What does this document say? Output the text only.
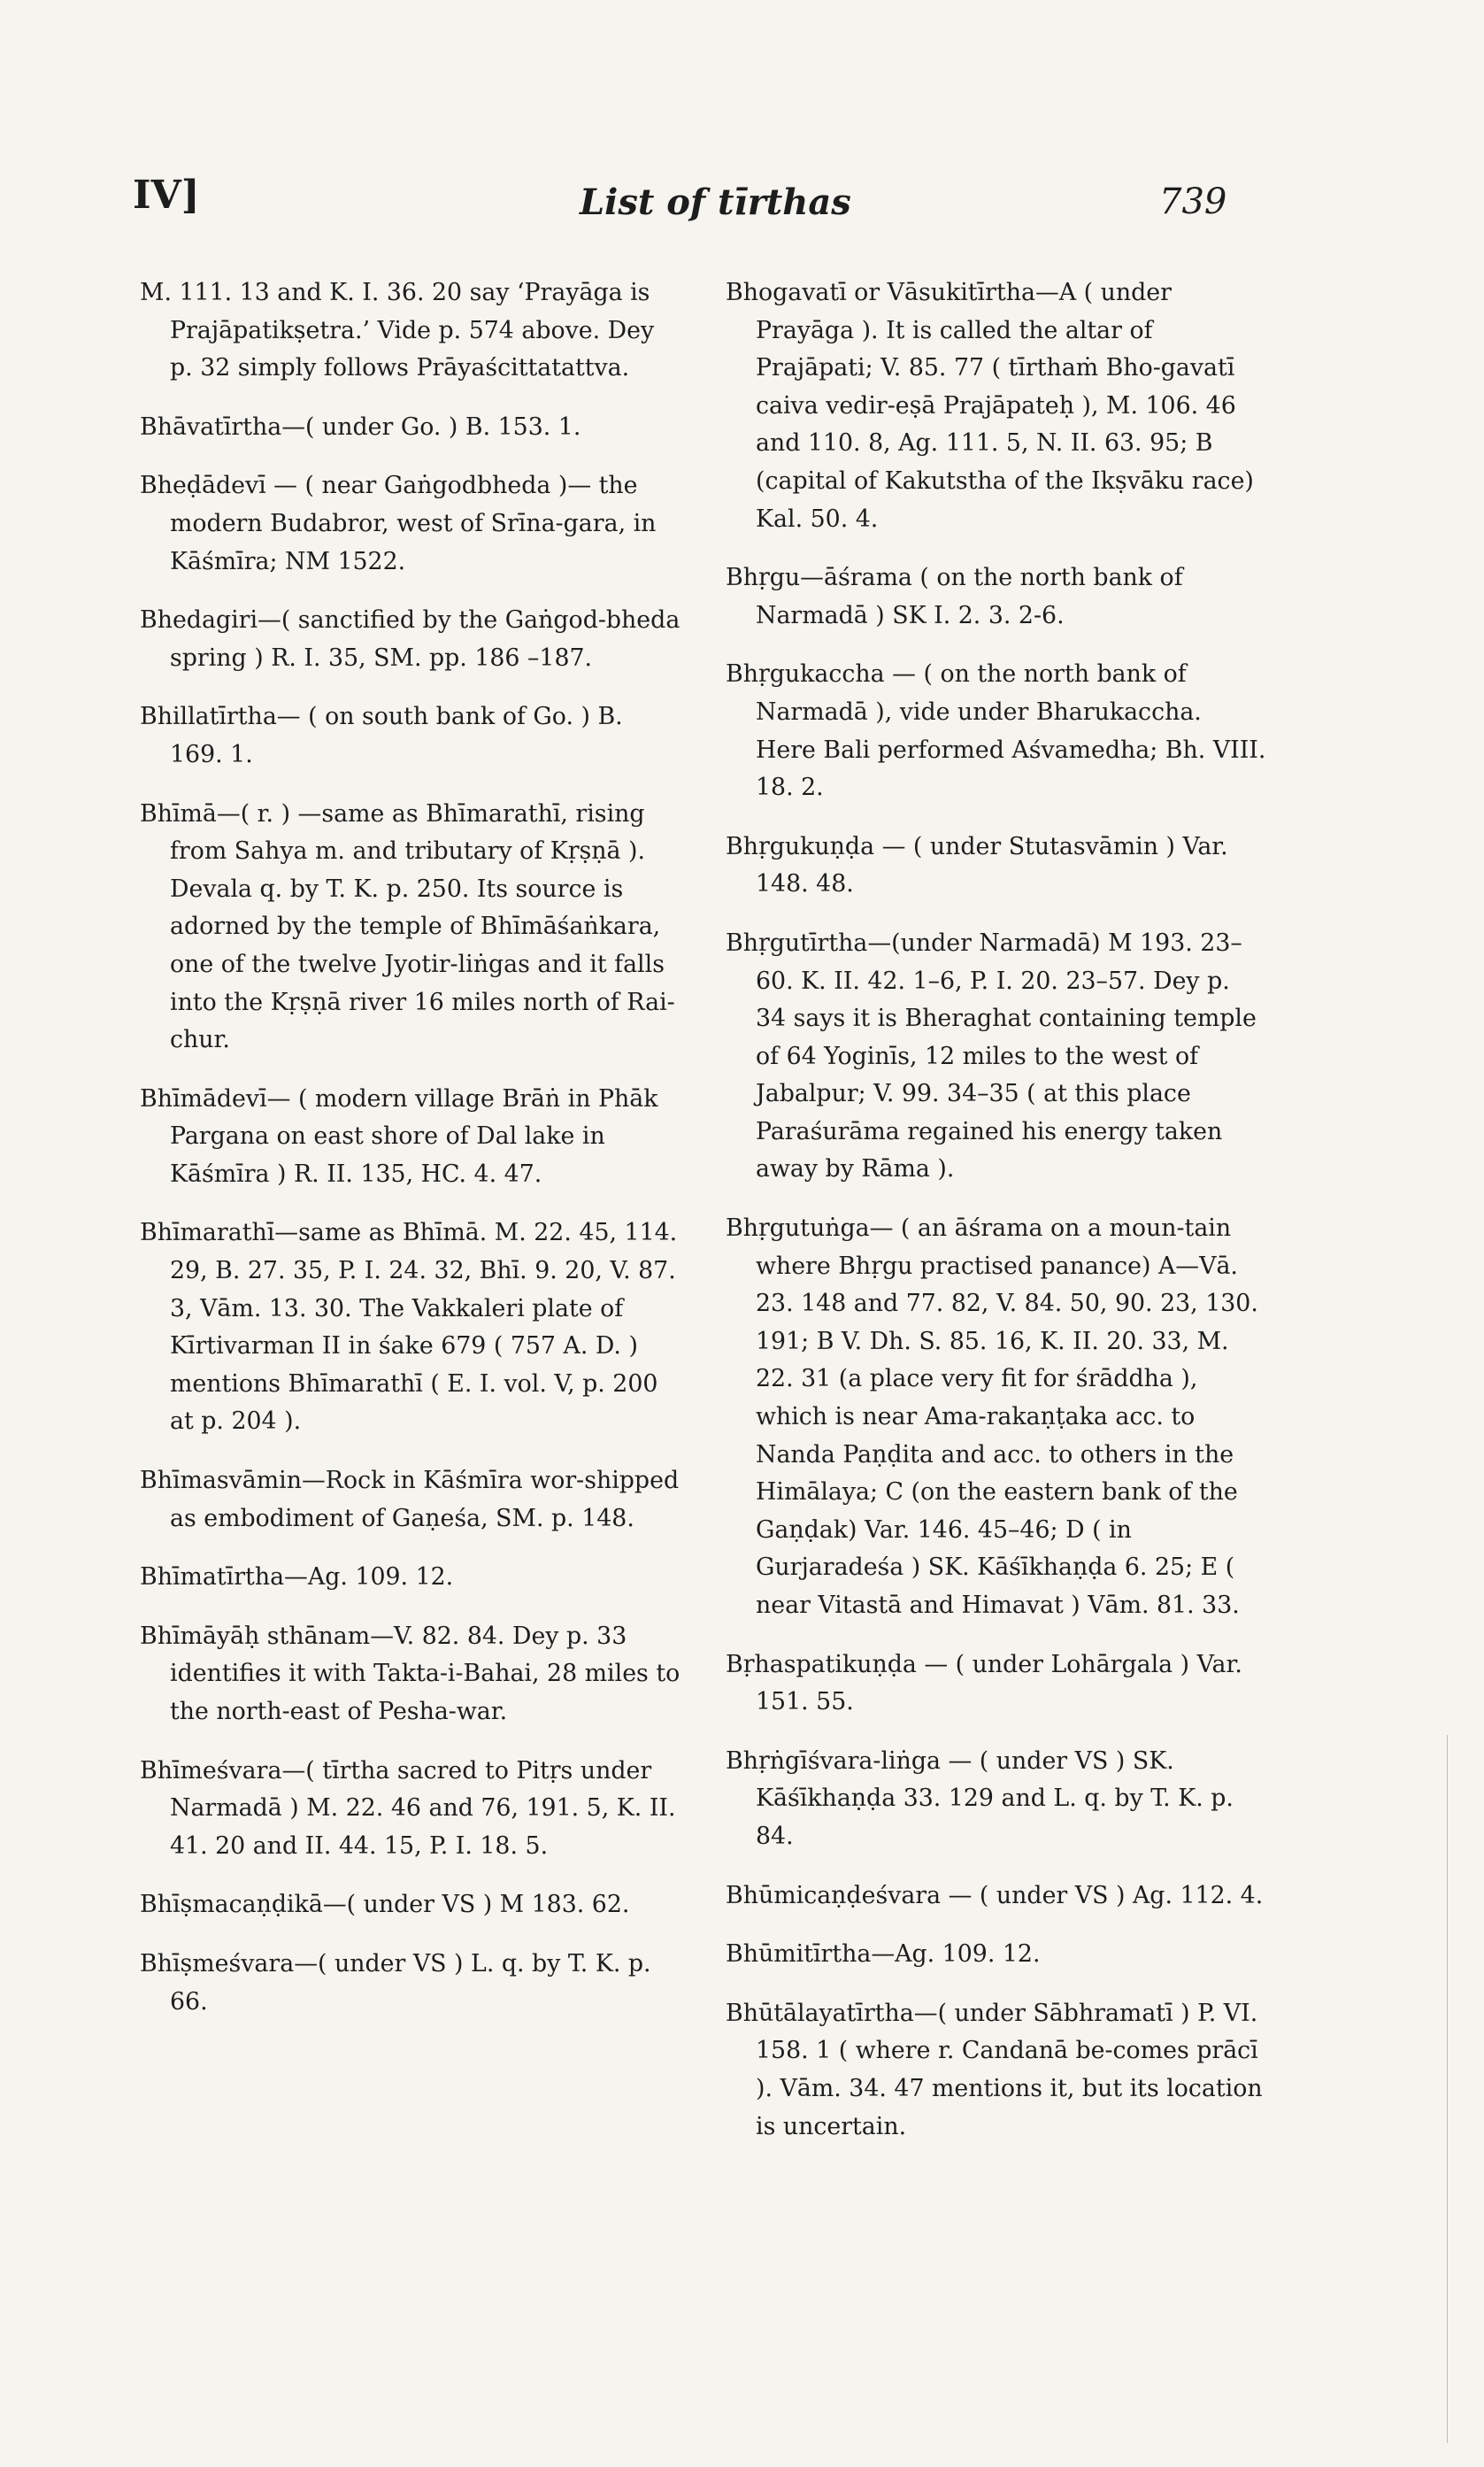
IV]	List of tīrthas	739

M. 111. 13 and K. I. 36. 20 say ‘Prayāga is Prajāpatikṣetra.’ Vide p. 574 above. Dey p. 32 simply follows Prāyaścittatattva.

Bhāvatīrtha—( under Go. ) B. 153. 1.

Bheḍādevī — ( near Gaṅgodbheda )— the modern Budabror, west of Srīna-gara, in Kāśmīra; NM 1522.

Bhedagiri—( sanctified by the Gaṅgod-bheda spring ) R. I. 35, SM. pp. 186 –187.

Bhillatīrtha— ( on south bank of Go. ) B. 169. 1.

Bhīmā—( r. ) —same as Bhīmarathī, rising from Sahya m. and tributary of Kṛṣṇā ). Devala q. by T. K. p. 250. Its source is adorned by the temple of Bhīmāśaṅkara, one of the twelve Jyotir-liṅgas and it falls into the Kṛṣṇā river 16 miles north of Rai-chur.

Bhīmādevī— ( modern village Brāṅ in Phāk Pargana on east shore of Dal lake in Kāśmīra ) R. II. 135, HC. 4. 47.

Bhīmarathī—same as Bhīmā. M. 22. 45, 114. 29, B. 27. 35, P. I. 24. 32, Bhī. 9. 20, V. 87. 3, Vām. 13. 30. The Vakkaleri plate of Kīrtivarman II in śake 679 ( 757 A. D. ) mentions Bhīmarathī ( E. I. vol. V, p. 200 at p. 204 ).

Bhīmasvāmin—Rock in Kāśmīra wor-shipped as embodiment of Gaṇeśa, SM. p. 148.

Bhīmatīrtha—Ag. 109. 12.

Bhīmāyāḥ sthānam—V. 82. 84. Dey p. 33 identifies it with Takta-i-Bahai, 28 miles to the north-east of Pesha-war.

Bhīmeśvara—( tīrtha sacred to Pitṛs under Narmadā ) M. 22. 46 and 76, 191. 5, K. II. 41. 20 and II. 44. 15, P. I. 18. 5.

Bhīṣmacaṇḍikā—( under VS ) M 183. 62.

Bhīṣmeśvara—( under VS ) L. q. by T. K. p. 66.

Bhogavatī or Vāsukitīrtha—A ( under Prayāga ). It is called the altar of Prajāpati; V. 85. 77 ( tīrthaṁ Bho-gavatī caiva vedir-eṣā Prajāpateḥ ), M. 106. 46 and 110. 8, Ag. 111. 5, N. II. 63. 95; B (capital of Kakutstha of the Ikṣvāku race) Kal. 50. 4.

Bhṛgu—āśrama ( on the north bank of Narmadā ) SK I. 2. 3. 2-6.

Bhṛgukaccha — ( on the north bank of Narmadā ), vide under Bharukaccha. Here Bali performed Aśvamedha; Bh. VIII. 18. 2.

Bhṛgukuṇḍa — ( under Stutasvāmin ) Var. 148. 48.

Bhṛgutīrtha—(under Narmadā) M 193. 23–60. K. II. 42. 1–6, P. I. 20. 23–57. Dey p. 34 says it is Bheraghat containing temple of 64 Yoginīs, 12 miles to the west of Jabalpur; V. 99. 34–35 ( at this place Paraśurāma regained his energy taken away by Rāma ).

Bhṛgutuṅga— ( an āśrama on a moun-tain where Bhṛgu practised panance) A—Vā. 23. 148 and 77. 82, V. 84. 50, 90. 23, 130. 191; B V. Dh. S. 85. 16, K. II. 20. 33, M. 22. 31 (a place very fit for śrāddha ), which is near Ama-rakaṇṭaka acc. to Nanda Paṇḍita and acc. to others in the Himālaya; C (on the eastern bank of the Gaṇḍak) Var. 146. 45–46; D ( in Gurjaradeśa ) SK. Kāśīkhaṇḍa 6. 25; E ( near Vitastā and Himavat ) Vām. 81. 33.

Bṛhaspatikuṇḍa — ( under Lohārgala ) Var. 151. 55.

Bhṛṅgīśvara-liṅga — ( under VS ) SK. Kāśīkhaṇḍa 33. 129 and L. q. by T. K. p. 84.

Bhūmicaṇḍeśvara — ( under VS ) Ag. 112. 4.

Bhūmitīrtha—Ag. 109. 12.

Bhūtālayatīrtha—( under Sābhramatī ) P. VI. 158. 1 ( where r. Candanā be-comes prācī ). Vām. 34. 47 mentions it, but its location is uncertain.
